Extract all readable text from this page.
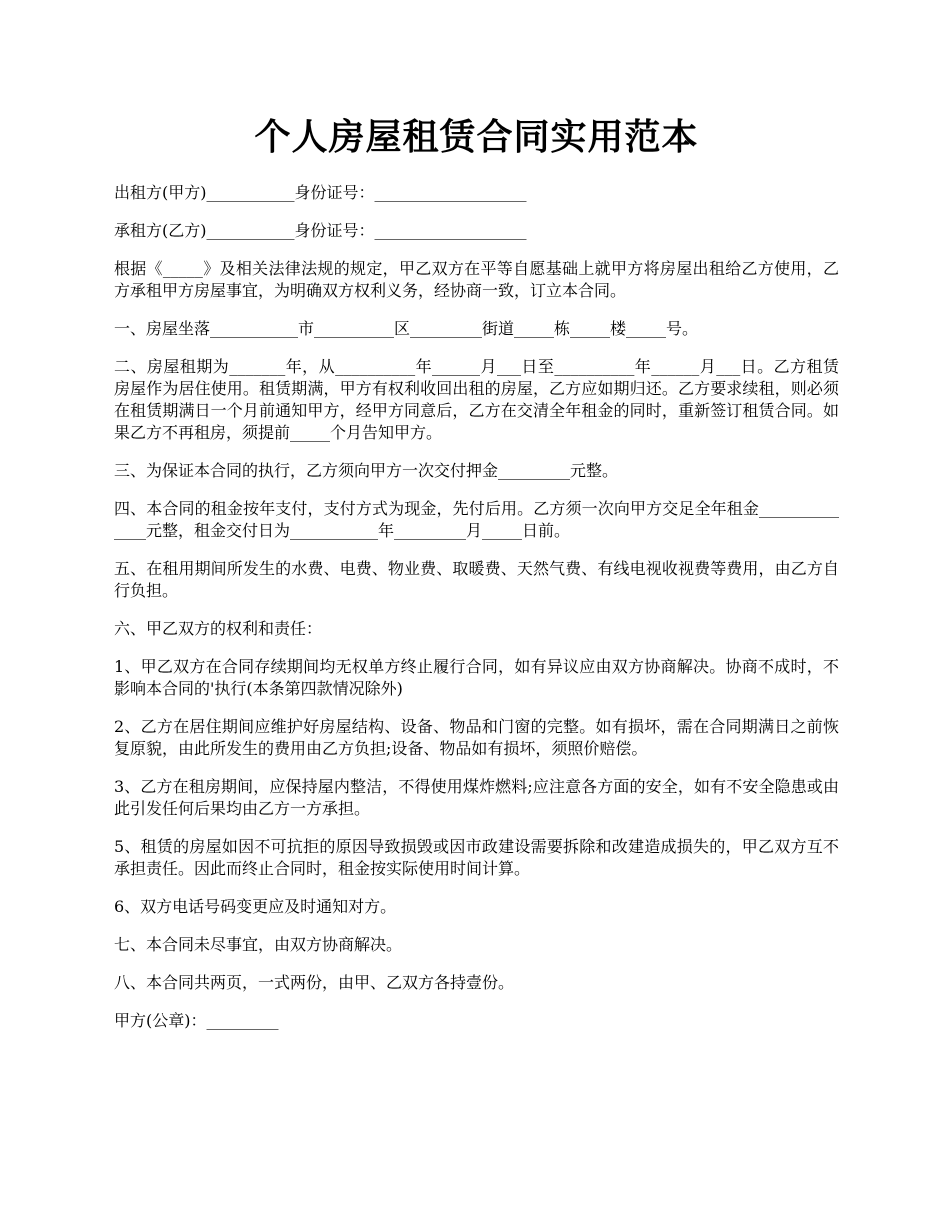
个人房屋租赁合同实用范本

出租方(甲方)___________身份证号：___________________

承租方(乙方)___________身份证号：___________________

根据《_____》及相关法律法规的规定，甲乙双方在平等自愿基础上就甲方将房屋出租给乙方使用，乙方承租甲方房屋事宜，为明确双方权利义务，经协商一致，订立本合同。

一、房屋坐落___________市__________区_________街道_____栋_____楼_____号。

二、房屋租期为_______年，从__________年______月___日至__________年______月___日。乙方租赁房屋作为居住使用。租赁期满，甲方有权利收回出租的房屋，乙方应如期归还。乙方要求续租，则必须在租赁期满日一个月前通知甲方，经甲方同意后，乙方在交清全年租金的同时，重新签订租赁合同。如果乙方不再租房，须提前_____个月告知甲方。

三、为保证本合同的执行，乙方须向甲方一次交付押金_________元整。

四、本合同的租金按年支付，支付方式为现金，先付后用。乙方须一次向甲方交足全年租金______________元整，租金交付日为___________年_________月_____日前。

五、在租用期间所发生的水费、电费、物业费、取暖费、天然气费、有线电视收视费等费用，由乙方自行负担。

六、甲乙双方的权利和责任：

1、甲乙双方在合同存续期间均无权单方终止履行合同，如有异议应由双方协商解决。协商不成时，不影响本合同的'执行(本条第四款情况除外)

2、乙方在居住期间应维护好房屋结构、设备、物品和门窗的完整。如有损坏，需在合同期满日之前恢复原貌，由此所发生的费用由乙方负担;设备、物品如有损坏，须照价赔偿。

3、乙方在租房期间，应保持屋内整洁，不得使用煤炸燃料;应注意各方面的安全，如有不安全隐患或由此引发任何后果均由乙方一方承担。

5、租赁的房屋如因不可抗拒的原因导致损毁或因市政建设需要拆除和改建造成损失的，甲乙双方互不承担责任。因此而终止合同时，租金按实际使用时间计算。

6、双方电话号码变更应及时通知对方。

七、本合同未尽事宜，由双方协商解决。

八、本合同共两页，一式两份，由甲、乙双方各持壹份。

甲方(公章)：_________
